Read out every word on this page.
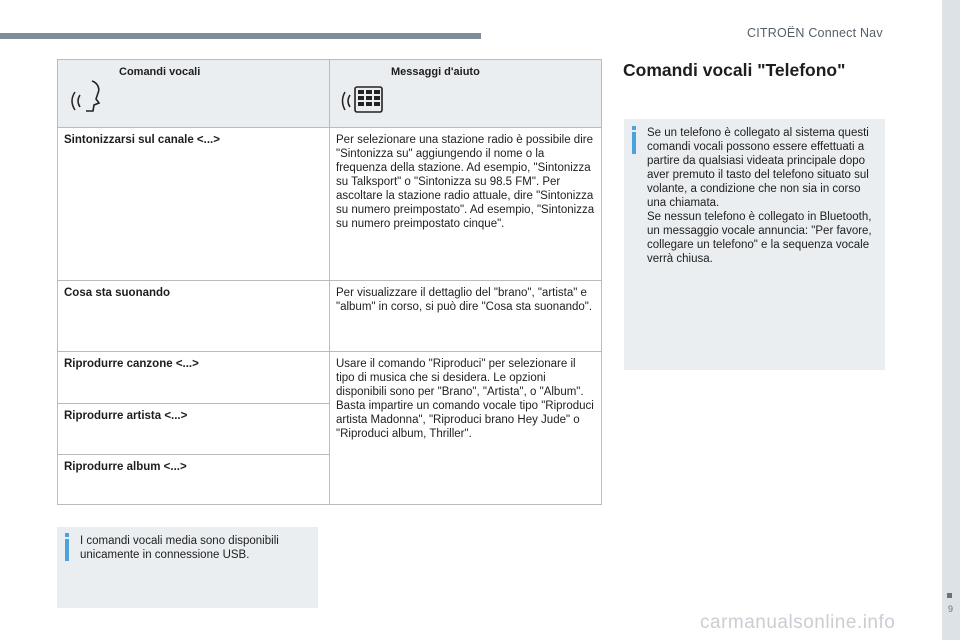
CITROËN Connect Nav
Comandi vocali	Messaggi d'aiuto

Sintonizzarsi sul canale <...>	Per selezionare una stazione radio è possibile dire "Sintonizza su" aggiungendo il nome o la frequenza della stazione. Ad esempio, "Sintonizza su Talksport" o "Sintonizza su 98.5 FM". Per ascoltare la stazione radio attuale, dire "Sintonizza su numero preimpostato". Ad esempio, "Sintonizza su numero preimpostato cinque".
Cosa sta suonando	Per visualizzare il dettaglio del "brano", "artista" e "album" in corso, si può dire "Cosa sta suonando".
Riprodurre canzone <...>	Usare il comando "Riproduci" per selezionare il tipo di musica che si desidera. Le opzioni disponibili sono per "Brano", "Artista", o "Album". Basta impartire un comando vocale tipo "Riproduci artista Madonna", "Riproduci brano Hey Jude" o "Riproduci album, Thriller".
Riprodurre artista <...>	
Riprodurre album <...>	
I comandi vocali media sono disponibili unicamente in connessione USB.
Comandi vocali "Telefono"
Se un telefono è collegato al sistema questi comandi vocali possono essere effettuati a partire da qualsiasi videata principale dopo aver premuto il tasto del telefono situato sul volante, a condizione che non sia in corso una chiamata.
Se nessun telefono è collegato in Bluetooth, un messaggio vocale annuncia: "Per favore, collegare un telefono" e la sequenza vocale verrà chiusa.
9
carmanualsonline.info
